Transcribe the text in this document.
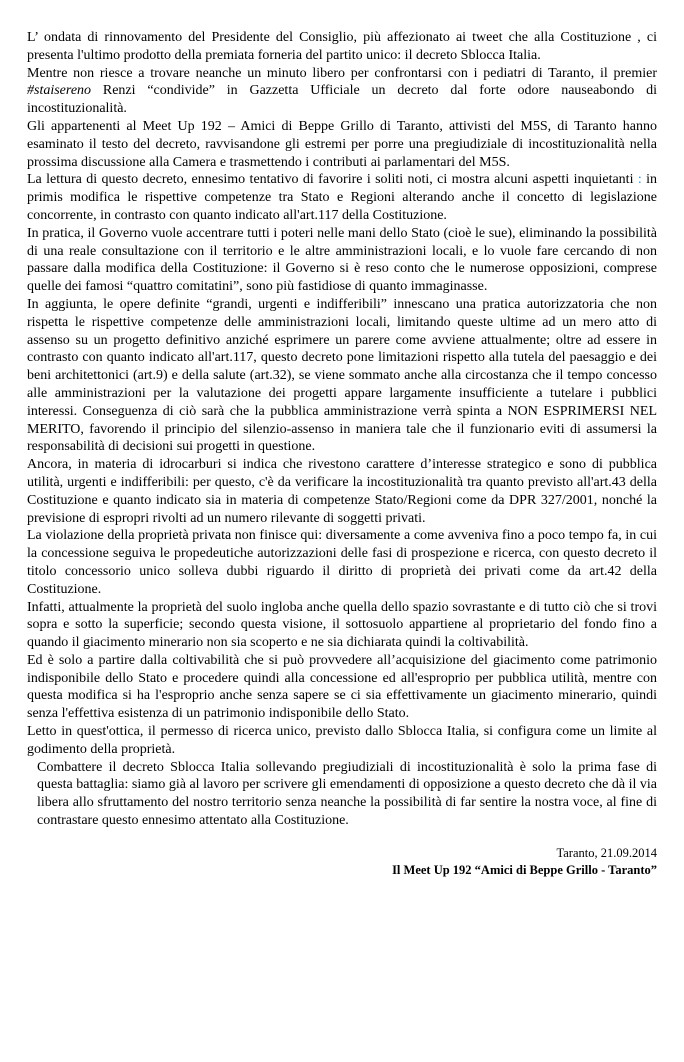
L’ ondata di rinnovamento del Presidente del Consiglio, più affezionato ai tweet che alla Costituzione , ci presenta l'ultimo prodotto della premiata forneria del partito unico: il decreto Sblocca Italia.

Mentre non riesce a trovare neanche un minuto libero per confrontarsi con i pediatri di Taranto, il premier #staisereno Renzi “condivide” in Gazzetta Ufficiale un decreto dal forte odore nauseabondo di incostituzionalità.

Gli appartenenti al Meet Up 192 – Amici di Beppe Grillo di Taranto, attivisti del M5S, di Taranto hanno esaminato il testo del decreto, ravvisandone gli estremi per porre una pregiudiziale di incostituzionalità nella prossima discussione alla Camera e trasmettendo i contributi ai parlamentari del M5S.

La lettura di questo decreto, ennesimo tentativo di favorire i soliti noti, ci mostra alcuni aspetti inquietanti : in primis modifica le rispettive competenze tra Stato e Regioni alterando anche il concetto di legislazione concorrente, in contrasto con quanto indicato all'art.117 della Costituzione.

In pratica, il Governo vuole accentrare tutti i poteri nelle mani dello Stato (cioè le sue), eliminando la possibilità di una reale consultazione con il territorio e le altre amministrazioni locali, e lo vuole fare cercando di non passare dalla modifica della Costituzione: il Governo si è reso conto che le numerose opposizioni, comprese quelle dei famosi “quattro comitatini”, sono più fastidiose di quanto immaginasse.

In aggiunta, le opere definite “grandi, urgenti e indifferibili” innescano una pratica autorizzatoria che non rispetta le rispettive competenze delle amministrazioni locali, limitando queste ultime ad un mero atto di assenso su un progetto definitivo anziché esprimere un parere come avviene attualmente; oltre ad essere in contrasto con quanto indicato all'art.117, questo decreto pone limitazioni rispetto alla tutela del paesaggio e dei beni architettonici (art.9) e della salute (art.32), se viene sommato anche alla circostanza che il tempo concesso alle amministrazioni per la valutazione dei progetti appare largamente insufficiente a tutelare i pubblici interessi. Conseguenza di ciò sarà che la pubblica amministrazione verrà spinta a NON ESPRIMERSI NEL MERITO, favorendo il principio del silenzio-assenso in maniera tale che il funzionario eviti di assumersi la responsabilità di decisioni sui progetti in questione.

Ancora, in materia di idrocarburi si indica che rivestono carattere d’interesse strategico e sono di pubblica utilità, urgenti e indifferibili: per questo, c'è da verificare la incostituzionalità tra quanto previsto all'art.43 della Costituzione e quanto indicato sia in materia di competenze Stato/Regioni come da DPR 327/2001, nonché la previsione di espropri rivolti ad un numero rilevante di soggetti privati.

La violazione della proprietà privata non finisce qui: diversamente a come avveniva fino a poco tempo fa, in cui la concessione seguiva le propedeutiche autorizzazioni delle fasi di prospezione e ricerca, con questo decreto il titolo concessorio unico solleva dubbi riguardo il diritto di proprietà dei privati come da art.42 della Costituzione.

Infatti, attualmente la proprietà del suolo ingloba anche quella dello spazio sovrastante e di tutto ciò che si trovi sopra e sotto la superficie; secondo questa visione, il sottosuolo appartiene al proprietario del fondo fino a quando il giacimento minerario non sia scoperto e ne sia dichiarata quindi la coltivabilità.

Ed è solo a partire dalla coltivabilità che si può provvedere all’acquisizione del giacimento come patrimonio indisponibile dello Stato e procedere quindi alla concessione ed all'esproprio per pubblica utilità, mentre con questa modifica si ha l'esproprio anche senza sapere se ci sia effettivamente un giacimento minerario, quindi senza l'effettiva esistenza di un patrimonio indisponibile dello Stato.

Letto in quest'ottica, il permesso di ricerca unico, previsto dallo Sblocca Italia, si configura come un limite al godimento della proprietà.

Combattere il decreto Sblocca Italia sollevando pregiudiziali di incostituzionalità è solo la prima fase di questa battaglia: siamo già al lavoro per scrivere gli emendamenti di opposizione a questo decreto che dà il via libera allo sfruttamento del nostro territorio senza neanche la possibilità di far sentire la nostra voce, al fine di contrastare questo ennesimo attentato alla Costituzione.

Taranto, 21.09.2014
Il Meet Up 192 “Amici di Beppe Grillo - Taranto”
